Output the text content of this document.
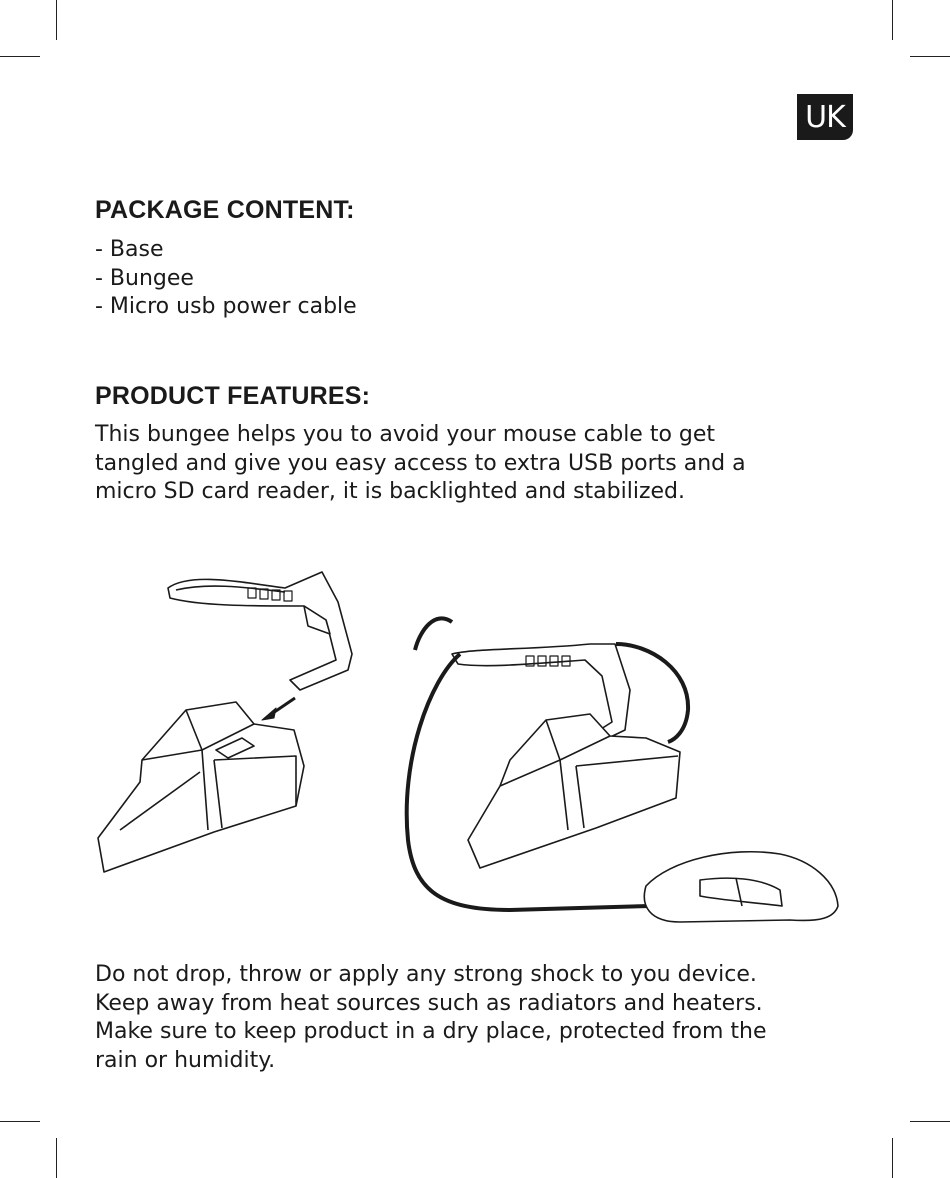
UK
PACKAGE CONTENT:
- Base
- Bungee
- Micro usb power cable
PRODUCT FEATURES:
This bungee helps you to avoid your mouse cable to get
tangled and give you easy access to extra USB ports and a
micro SD card reader, it is backlighted and stabilized.
Do not drop, throw or apply any strong shock to you device.
Keep away from heat sources such as radiators and heaters.
Make sure to keep product in a dry place, protected from the
rain or humidity.
